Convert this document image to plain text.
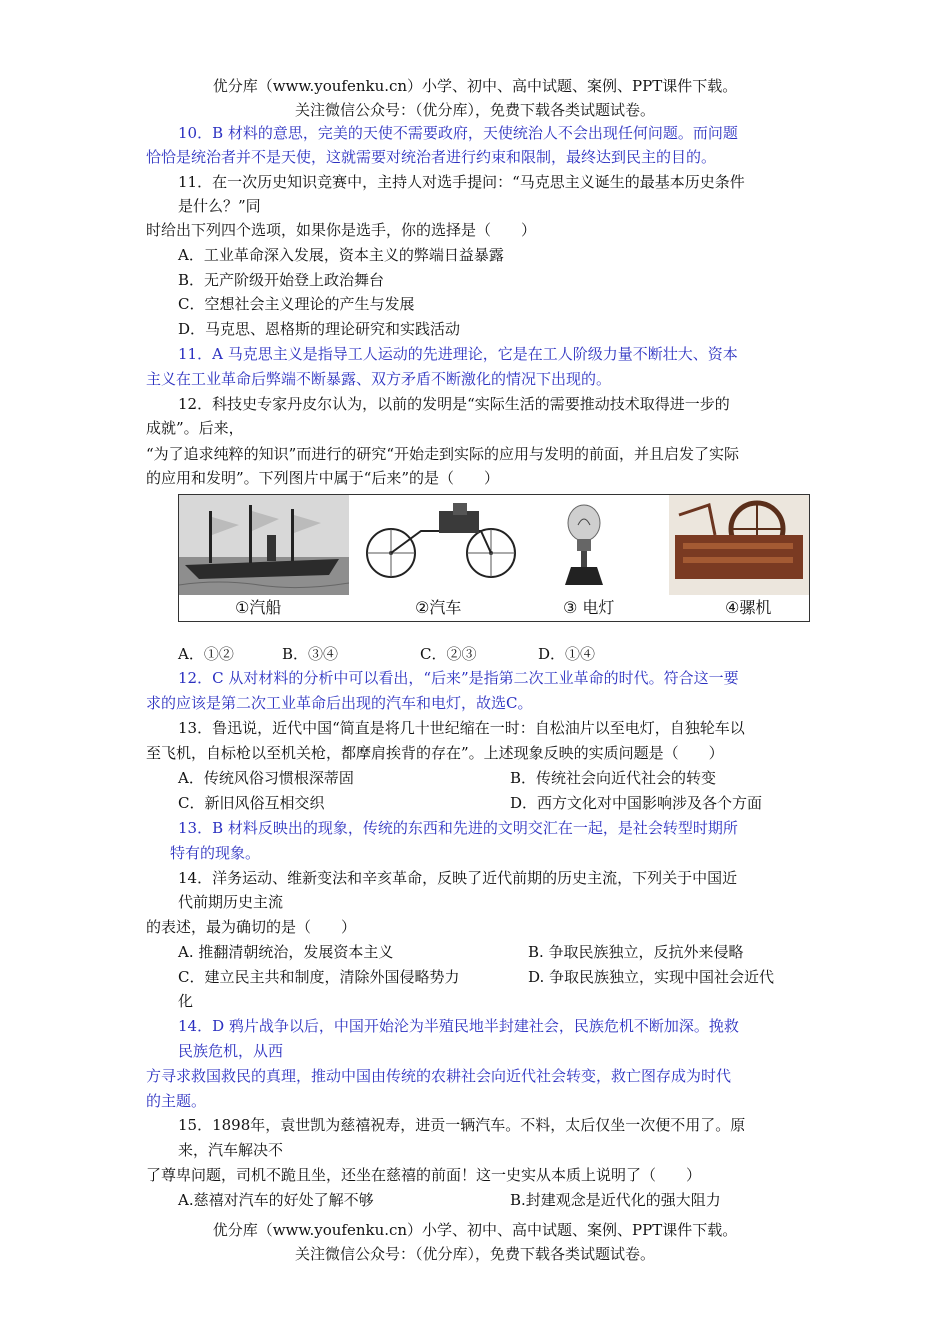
优分库（www.youfenku.cn）小学、初中、高中试题、案例、PPT课件下载。
关注微信公众号：（优分库），免费下载各类试题试卷。
10．B 材料的意思，完美的天使不需要政府，天使统治人不会出现任何问题。而问题
恰恰是统治者并不是天使，这就需要对统治者进行约束和限制，最终达到民主的目的。
11．在一次历史知识竞赛中，主持人对选手提问：“马克思主义诞生的最基本历史条件
是什么？”同
时给出下列四个选项，如果你是选手，你的选择是（　　）
A．工业革命深入发展，资本主义的弊端日益暴露
B．无产阶级开始登上政治舞台
C．空想社会主义理论的产生与发展
D．马克思、恩格斯的理论研究和实践活动
11．A 马克思主义是指导工人运动的先进理论，它是在工人阶级力量不断壮大、资本
主义在工业革命后弊端不断暴露、双方矛盾不断激化的情况下出现的。
12．科技史专家丹皮尔认为，以前的发明是“实际生活的需要推动技术取得进一步的
成就”。后来，
“为了追求纯粹的知识”而进行的研究“开始走到实际的应用与发明的前面，并且启发了实际
的应用和发明”。下列图片中属于“后来”的是（　　）
①汽船	②汽车	③ 电灯	④骡机
A．①②	B．③④	C．②③	D．①④
12．C 从对材料的分析中可以看出，“后来”是指第二次工业革命的时代。符合这一要
求的应该是第二次工业革命后出现的汽车和电灯，故选C。
13．鲁迅说，近代中国“简直是将几十世纪缩在一时：自松油片以至电灯，自独轮车以
至飞机，自标枪以至机关枪，都摩肩挨背的存在”。上述现象反映的实质问题是（　　）
A．传统风俗习惯根深蒂固	B．传统社会向近代社会的转变
C．新旧风俗互相交织	D．西方文化对中国影响涉及各个方面
13．B 材料反映出的现象，传统的东西和先进的文明交汇在一起，是社会转型时期所
特有的现象。
14．洋务运动、维新变法和辛亥革命，反映了近代前期的历史主流，下列关于中国近
代前期历史主流
的表述，最为确切的是（　　）
A. 推翻清朝统治，发展资本主义	B. 争取民族独立，反抗外来侵略
C．建立民主共和制度，清除外国侵略势力	D. 争取民族独立，实现中国社会近代
化
14．D 鸦片战争以后，中国开始沦为半殖民地半封建社会，民族危机不断加深。挽救
民族危机，从西
方寻求救国救民的真理，推动中国由传统的农耕社会向近代社会转变，救亡图存成为时代
的主题。
15．1898年，袁世凯为慈禧祝寿，进贡一辆汽车。不料，太后仅坐一次便不用了。原
来，汽车解决不
了尊卑问题，司机不跪且坐，还坐在慈禧的前面！这一史实从本质上说明了（　　）
A.慈禧对汽车的好处了解不够	B.封建观念是近代化的强大阻力
优分库（www.youfenku.cn）小学、初中、高中试题、案例、PPT课件下载。
关注微信公众号：（优分库），免费下载各类试题试卷。
